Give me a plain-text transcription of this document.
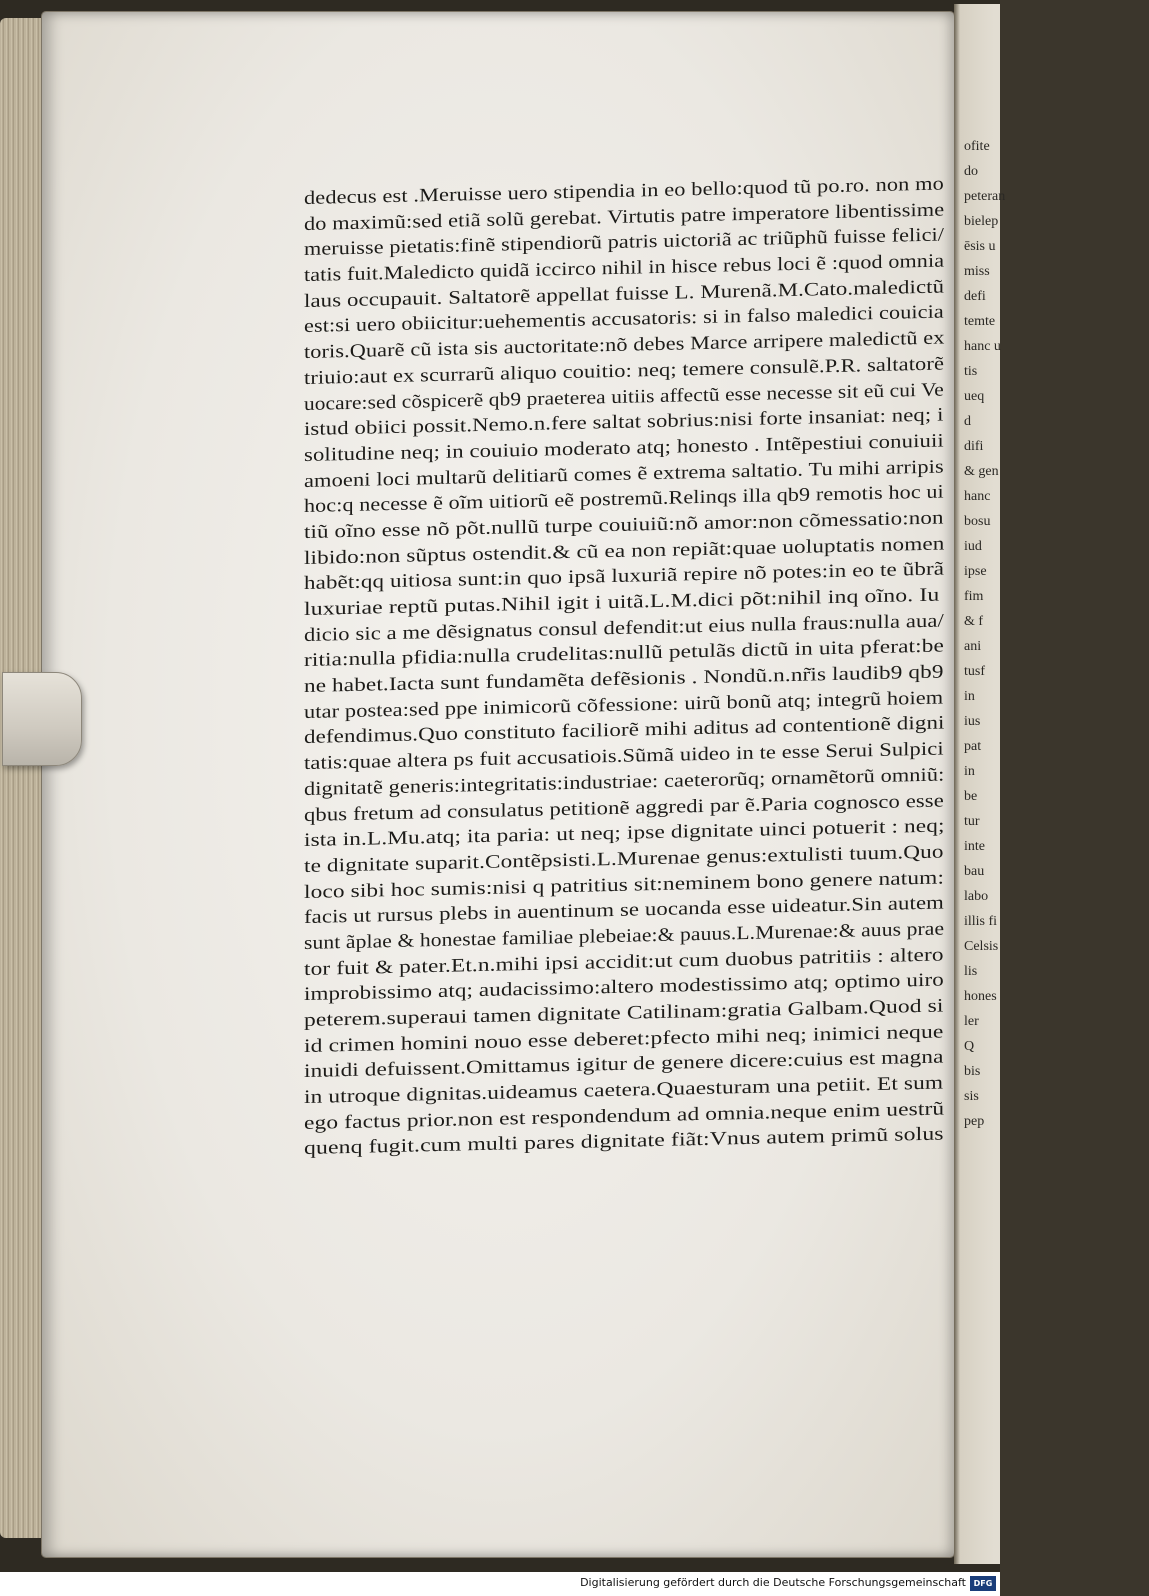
dedecus est .Meruisse uero stipendia in eo bello:quod tũ po.ro. non mo
do maximũ:sed etiã solũ gerebat. Virtutis patre imperatore libentissime
meruisse pietatis:finẽ stipendiorũ patris uictoriã ac triũphũ fuisse felici/
tatis fuit.Maledicto quidã iccirco nihil in hisce rebus loci ẽ :quod omnia
laus occupauit. Saltatorẽ appellat fuisse L. Murenã.M.Cato.maledictũ
est:si uero obiicitur:uehementis accusatoris: si in falso maledici couicia
toris.Quarẽ cũ ista sis auctoritate:nõ debes Marce arripere maledictũ ex
triuio:aut ex scurrarũ aliquo couitio: neq; temere consulẽ.P.R. saltatorẽ
uocare:sed cõspicerẽ qb9 praeterea uitiis affectũ esse necesse sit eũ cui Ve
istud obiici possit.Nemo.n.fere saltat sobrius:nisi forte insaniat: neq; i
solitudine neq; in couiuio moderato atq; honesto . Intẽpestiui conuiuii
amoeni loci multarũ delitiarũ comes ẽ extrema saltatio. Tu mihi arripis
hoc:q necesse ẽ oĩm uitiorũ eẽ postremũ.Relinqs illa qb9 remotis hoc ui
tiũ oĩno esse nõ põt.nullũ turpe couiuiũ:nõ amor:non cõmessatio:non
libido:non sũptus ostendit.& cũ ea non repiãt:quae uoluptatis nomen
habẽt:qq uitiosa sunt:in quo ipsã luxuriã repire nõ potes:in eo te ũbrã
luxuriae reptũ putas.Nihil igit i uitã.L.M.dici põt:nihil inq oĩno. Iu
dicio sic a me dẽsignatus consul defendit:ut eius nulla fraus:nulla aua/
ritia:nulla pfidia:nulla crudelitas:nullũ petulãs dictũ in uita pferat:be
ne habet.Iacta sunt fundamẽta defẽsionis . Nondũ.n.nr̃is laudib9 qb9
utar postea:sed ppe inimicorũ cõfessione: uirũ bonũ atq; integrũ hoiem
defendimus.Quo constituto faciliorẽ mihi aditus ad contentionẽ digni
tatis:quae altera ps fuit accusatiois.Sũmã uideo in te esse Serui Sulpici
dignitatẽ generis:integritatis:industriae: caeterorũq; ornamẽtorũ omniũ:
qbus fretum ad consulatus petitionẽ aggredi par ẽ.Paria cognosco esse
ista in.L.Mu.atq; ita paria: ut neq; ipse dignitate uinci potuerit : neq;
te dignitate suparit.Contẽpsisti.L.Murenae genus:extulisti tuum.Quo
loco sibi hoc sumis:nisi q patritius sit:neminem bono genere natum:
facis ut rursus plebs in auentinum se uocanda esse uideatur.Sin autem
sunt ãplae & honestae familiae plebeiae:& pauus.L.Murenae:& auus prae
tor fuit & pater.Et.n.mihi ipsi accidit:ut cum duobus patritiis : altero
improbissimo atq; audacissimo:altero modestissimo atq; optimo uiro
peterem.superaui tamen dignitate Catilinam:gratia Galbam.Quod si
id crimen homini nouo esse deberet:pfecto mihi neq; inimici neque
inuidi defuissent.Omittamus igitur de genere dicere:cuius est magna
in utroque dignitas.uideamus caetera.Quaesturam una petiit. Et sum
ego factus prior.non est respondendum ad omnia.neque enim uestrũ
quenq fugit.cum multi pares dignitate fiãt:Vnus autem primũ solus
ofite do
peteran
bielep
ēsis u
miss
defi
temte
hanc u
tis
ueq
d
difi
& gen
hanc
bosu
iud
ipse
fim
& f
ani
tusf
in
ius
pat
in
be
tur
inte
bau
labo
illis fi
Celsis
lis
hones
ler
Q
bis
sis
pep
Digitalisierung gefördert durch die Deutsche Forschungsgemeinschaft DFG
